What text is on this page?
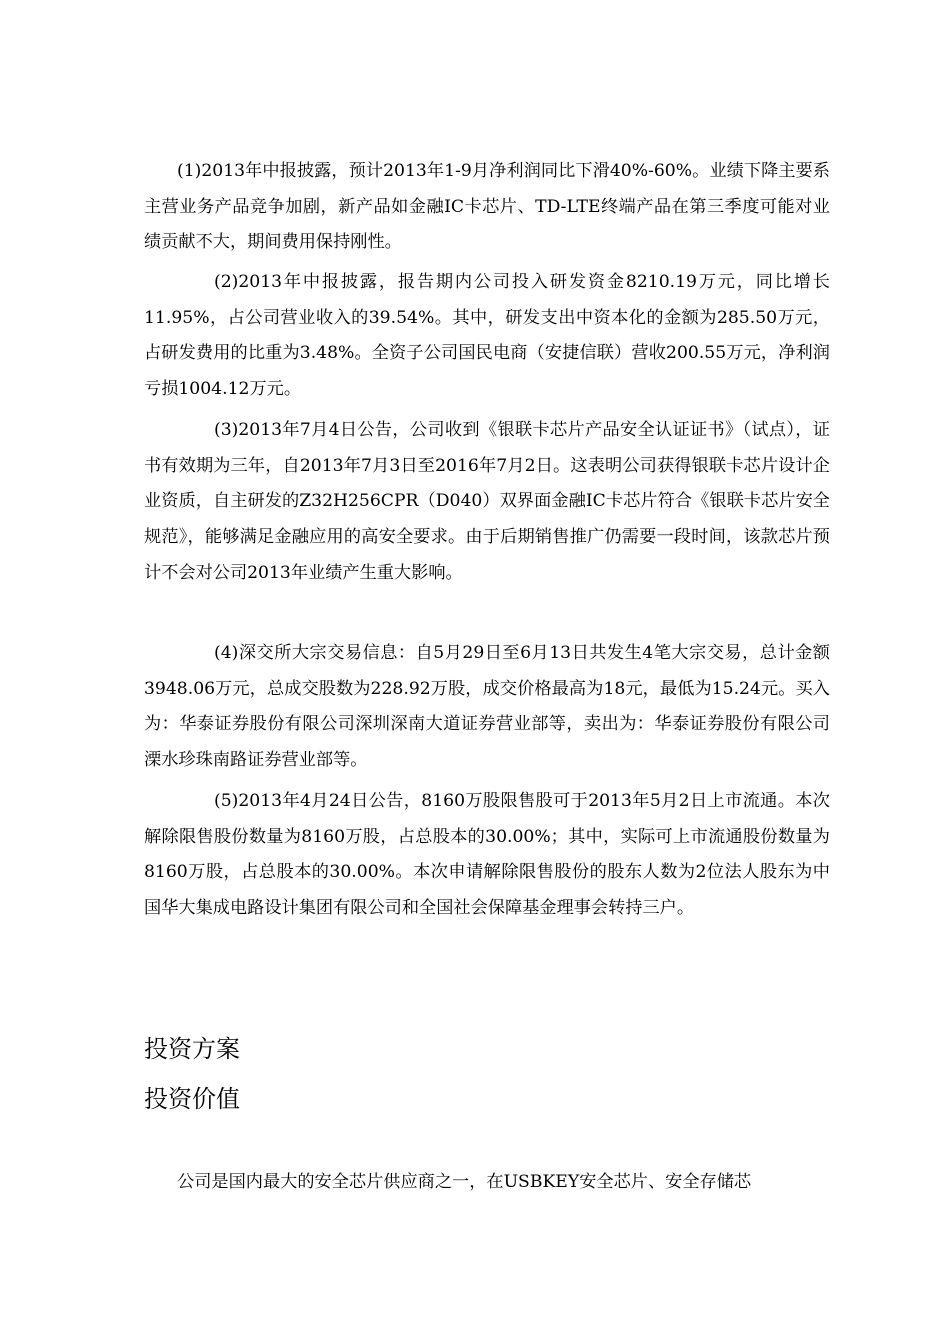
(1)2013年中报披露，预计2013年1-9月净利润同比下滑40%-60%。业绩下降主要系主营业务产品竞争加剧，新产品如金融IC卡芯片、TD-LTE终端产品在第三季度可能对业绩贡献不大，期间费用保持刚性。

(2)2013年中报披露，报告期内公司投入研发资金8210.19万元，同比增长11.95%，占公司营业收入的39.54%。其中，研发支出中资本化的金额为285.50万元，占研发费用的比重为3.48%。全资子公司国民电商（安捷信联）营收200.55万元，净利润亏损1004.12万元。

(3)2013年7月4日公告，公司收到《银联卡芯片产品安全认证证书》（试点），证书有效期为三年，自2013年7月3日至2016年7月2日。这表明公司获得银联卡芯片设计企业资质，自主研发的Z32H256CPR（D040）双界面金融IC卡芯片符合《银联卡芯片安全规范》，能够满足金融应用的高安全要求。由于后期销售推广仍需要一段时间，该款芯片预计不会对公司2013年业绩产生重大影响。

(4)深交所大宗交易信息：自5月29日至6月13日共发生4笔大宗交易，总计金额3948.06万元，总成交股数为228.92万股，成交价格最高为18元，最低为15.24元。买入为：华泰证券股份有限公司深圳深南大道证券营业部等，卖出为：华泰证券股份有限公司溧水珍珠南路证券营业部等。

(5)2013年4月24日公告，8160万股限售股可于2013年5月2日上市流通。本次解除限售股份数量为8160万股，占总股本的30.00%；其中，实际可上市流通股份数量为8160万股，占总股本的30.00%。本次申请解除限售股份的股东人数为2位法人股东为中国华大集成电路设计集团有限公司和全国社会保障基金理事会转持三户。

投资方案
投资价值

公司是国内最大的安全芯片供应商之一，在USBKEY安全芯片、安全存储芯
